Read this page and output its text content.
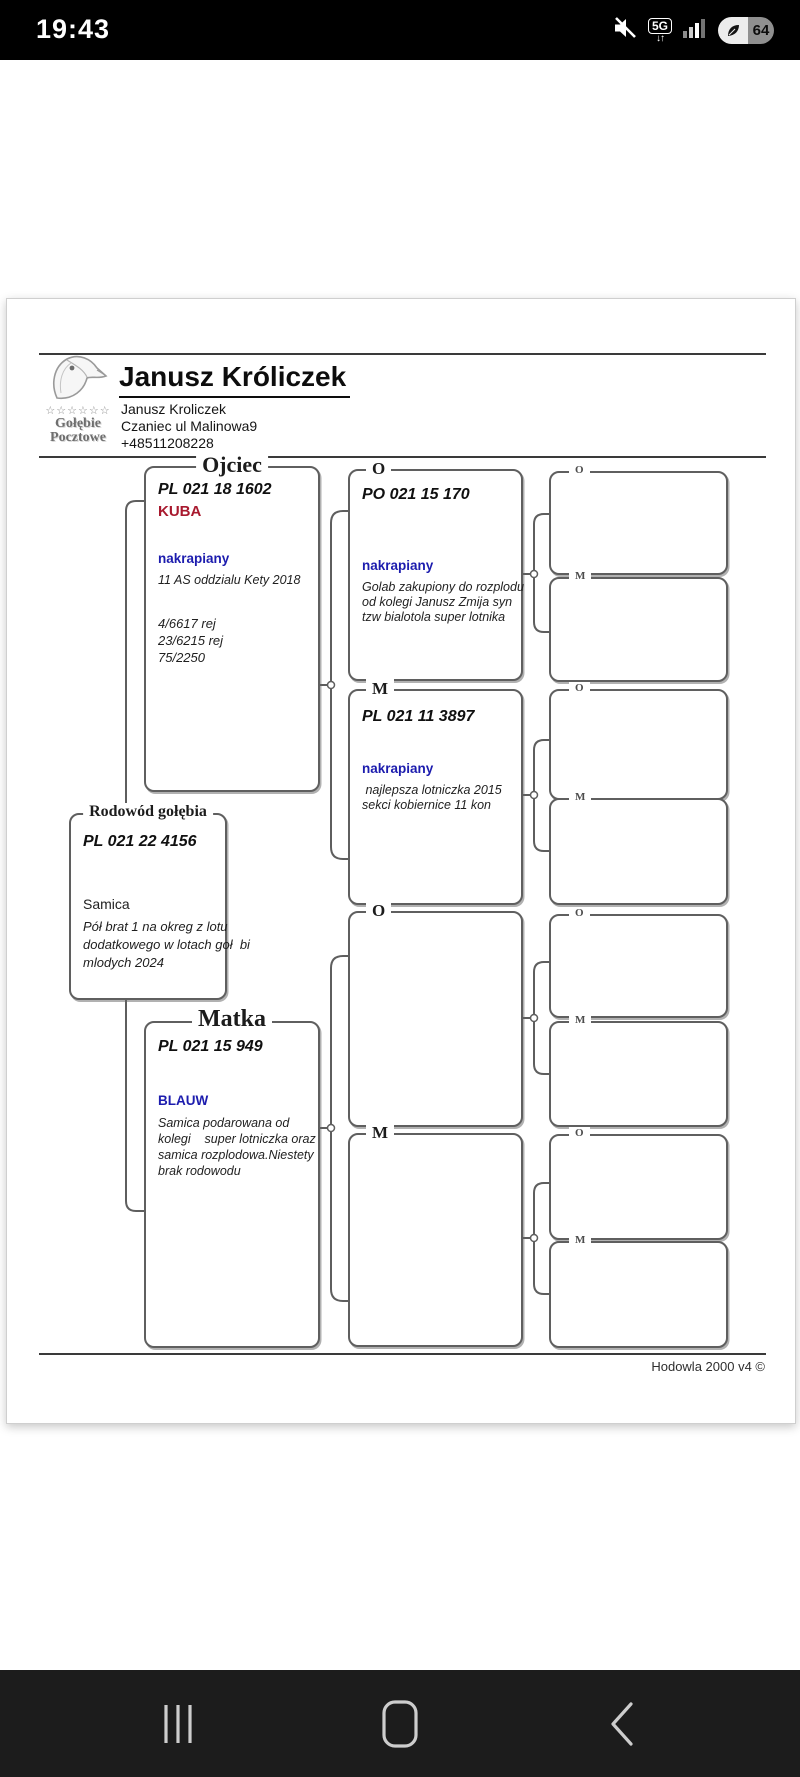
19:43	5G
↓↑	64
☆☆☆☆☆☆
Gołębie
Pocztowe
Janusz Króliczek
Janusz Kroliczek
Czaniec ul Malinowa9
+48511208228
Ojciec
PL 021 18 1602
KUBA
nakrapiany
11 AS oddzialu Kety 2018
4/6617 rej
23/6215 rej
75/2250
Rodowód gołębia
PL 021 22 4156
Samica
Pół brat 1 na okreg z lotu
dodatkowego w lotach goł  bi
mlodych 2024
Matka
PL 021 15 949
BLAUW
Samica podarowana od
kolegi    super lotniczka oraz
samica rozplodowa.Niestety
brak rodowodu
O
PO 021 15 170
nakrapiany
Golab zakupiony do rozplodu
od kolegi Janusz Zmija syn
tzw bialotola super lotnika
M
PL 021 11 3897
nakrapiany
najlepsza lotniczka 2015
sekci kobiernice 11 kon
O
M
O
M
O
M
O
M
O
M
Hodowla 2000 v4 ©
